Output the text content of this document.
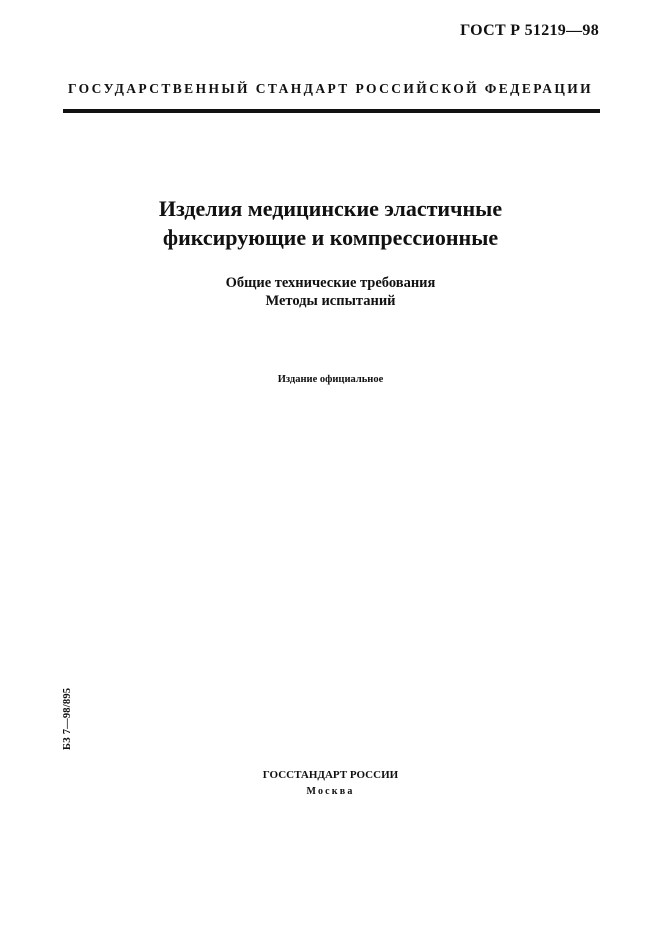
ГОСТ Р 51219—98
ГОСУДАРСТВЕННЫЙ СТАНДАРТ РОССИЙСКОЙ ФЕДЕРАЦИИ
Изделия медицинские эластичные
фиксирующие и компрессионные
Общие технические требования
Методы испытаний
Издание официальное
БЗ 7—98/895
ГОССТАНДАРТ РОССИИ
Москва
